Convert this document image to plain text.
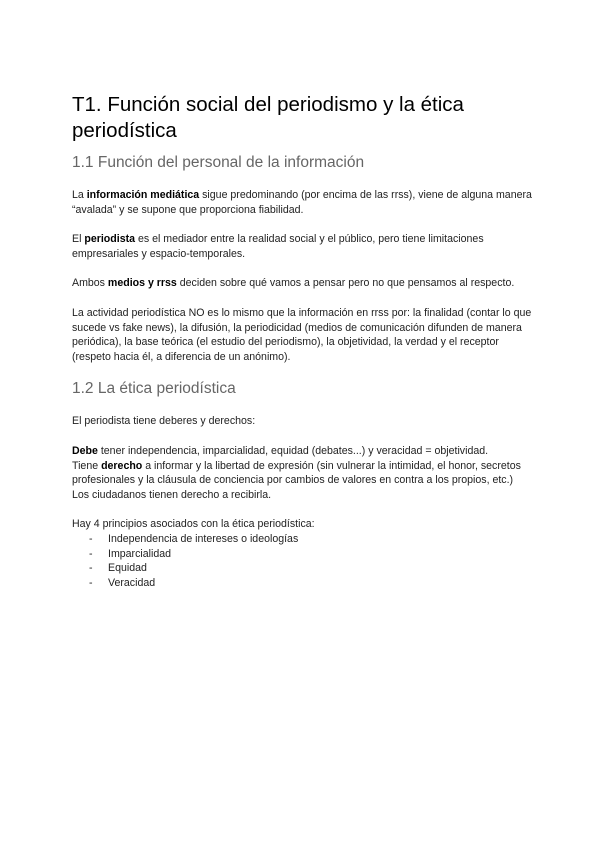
T1. Función social del periodismo y la ética periodística
1.1 Función del personal de la información

La información mediática sigue predominando (por encima de las rrss), viene de alguna manera “avalada” y se supone que proporciona fiabilidad.

El periodista es el mediador entre la realidad social y el público, pero tiene limitaciones empresariales y espacio-temporales.

Ambos medios y rrss deciden sobre qué vamos a pensar pero no que pensamos al respecto.

La actividad periodística NO es lo mismo que la información en rrss por: la finalidad (contar lo que sucede vs fake news), la difusión, la periodicidad (medios de comunicación difunden de manera periódica), la base teórica (el estudio del periodismo), la objetividad, la verdad y el receptor (respeto hacia él, a diferencia de un anónimo).

1.2 La ética periodística

El periodista tiene deberes y derechos:

Debe tener independencia, imparcialidad, equidad (debates...) y veracidad = objetividad.
Tiene derecho a informar y la libertad de expresión (sin vulnerar la intimidad, el honor, secretos profesionales y la cláusula de conciencia por cambios de valores en contra a los propios, etc.)
Los ciudadanos tienen derecho a recibirla.

Hay 4 principios asociados con la ética periodística:

- Independencia de intereses o ideologías
- Imparcialidad
- Equidad
- Veracidad
